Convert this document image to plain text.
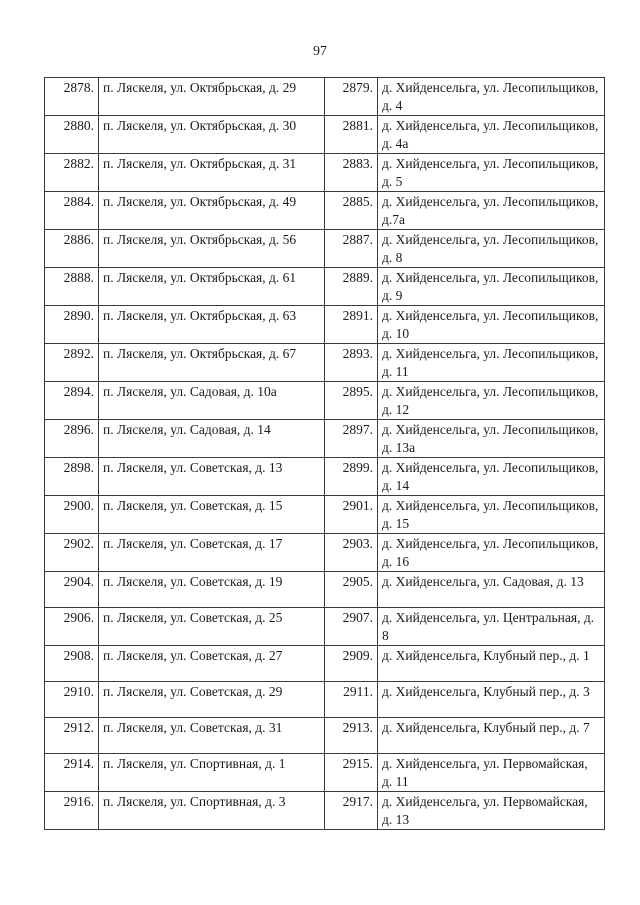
97
2878.	п. Ляскеля, ул. Октябрьская, д. 29	2879.	д. Хийденсельга, ул. Лесопильщиков, д. 4
2880.	п. Ляскеля, ул. Октябрьская, д. 30	2881.	д. Хийденсельга, ул. Лесопильщиков, д. 4а
2882.	п. Ляскеля, ул. Октябрьская, д. 31	2883.	д. Хийденсельга, ул. Лесопильщиков, д. 5
2884.	п. Ляскеля, ул. Октябрьская, д. 49	2885.	д. Хийденсельга, ул. Лесопильщиков, д.7а
2886.	п. Ляскеля, ул. Октябрьская, д. 56	2887.	д. Хийденсельга, ул. Лесопильщиков, д. 8
2888.	п. Ляскеля, ул. Октябрьская, д. 61	2889.	д. Хийденсельга, ул. Лесопильщиков, д. 9
2890.	п. Ляскеля, ул. Октябрьская, д. 63	2891.	д. Хийденсельга, ул. Лесопильщиков, д. 10
2892.	п. Ляскеля, ул. Октябрьская, д. 67	2893.	д. Хийденсельга, ул. Лесопильщиков, д. 11
2894.	п. Ляскеля, ул. Садовая, д. 10а	2895.	д. Хийденсельга, ул. Лесопильщиков, д. 12
2896.	п. Ляскеля, ул. Садовая, д. 14	2897.	д. Хийденсельга, ул. Лесопильщиков, д. 13а
2898.	п. Ляскеля, ул. Советская, д. 13	2899.	д. Хийденсельга, ул. Лесопильщиков, д. 14
2900.	п. Ляскеля, ул. Советская, д. 15	2901.	д. Хийденсельга, ул. Лесопильщиков, д. 15
2902.	п. Ляскеля, ул. Советская, д. 17	2903.	д. Хийденсельга, ул. Лесопильщиков, д. 16
2904.	п. Ляскеля, ул. Советская, д. 19	2905.	д. Хийденсельга, ул. Садовая, д. 13
2906.	п. Ляскеля, ул. Советская, д. 25	2907.	д. Хийденсельга, ул. Центральная, д. 8
2908.	п. Ляскеля, ул. Советская, д. 27	2909.	д. Хийденсельга, Клубный пер., д. 1
2910.	п. Ляскеля, ул. Советская, д. 29	2911.	д. Хийденсельга, Клубный пер., д. 3
2912.	п. Ляскеля, ул. Советская, д. 31	2913.	д. Хийденсельга, Клубный пер., д. 7
2914.	п. Ляскеля, ул. Спортивная, д. 1	2915.	д. Хийденсельга, ул. Первомайская, д. 11
2916.	п. Ляскеля, ул. Спортивная, д. 3	2917.	д. Хийденсельга, ул. Первомайская, д. 13
